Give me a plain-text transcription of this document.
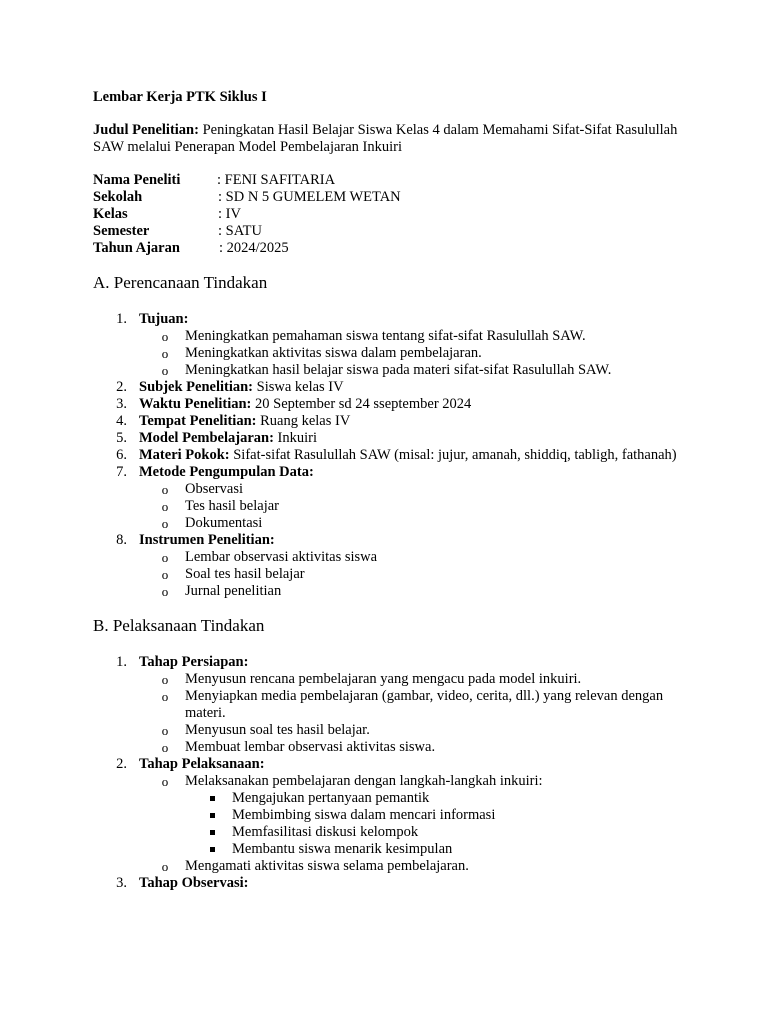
Lembar Kerja PTK Siklus I

Judul Penelitian: Peningkatan Hasil Belajar Siswa Kelas 4 dalam Memahami Sifat-Sifat Rasulullah SAW melalui Penerapan Model Pembelajaran Inkuiri

Nama Peneliti	: FENI SAFITARIA
Sekolah	: SD N 5 GUMELEM WETAN
Kelas	: IV
Semester	: SATU
Tahun Ajaran	: 2024/2025
A. Perencanaan Tindakan
1. Tujuan:
o Meningkatkan pemahaman siswa tentang sifat-sifat Rasulullah SAW.
o Meningkatkan aktivitas siswa dalam pembelajaran.
o Meningkatkan hasil belajar siswa pada materi sifat-sifat Rasulullah SAW.
2. Subjek Penelitian: Siswa kelas IV
3. Waktu Penelitian: 20 September sd 24 sseptember 2024
4. Tempat Penelitian: Ruang kelas IV
5. Model Pembelajaran: Inkuiri
6. Materi Pokok: Sifat-sifat Rasulullah SAW (misal: jujur, amanah, shiddiq, tabligh, fathanah)
7. Metode Pengumpulan Data:
o Observasi
o Tes hasil belajar
o Dokumentasi
8. Instrumen Penelitian:
o Lembar observasi aktivitas siswa
o Soal tes hasil belajar
o Jurnal penelitian
B. Pelaksanaan Tindakan
1. Tahap Persiapan:
o Menyusun rencana pembelajaran yang mengacu pada model inkuiri.
o Menyiapkan media pembelajaran (gambar, video, cerita, dll.) yang relevan dengan materi.
o Menyusun soal tes hasil belajar.
o Membuat lembar observasi aktivitas siswa.
2. Tahap Pelaksanaan:
o Melaksanakan pembelajaran dengan langkah-langkah inkuiri:
Mengajukan pertanyaan pemantik
Membimbing siswa dalam mencari informasi
Memfasilitasi diskusi kelompok
Membantu siswa menarik kesimpulan
o Mengamati aktivitas siswa selama pembelajaran.
3. Tahap Observasi:
